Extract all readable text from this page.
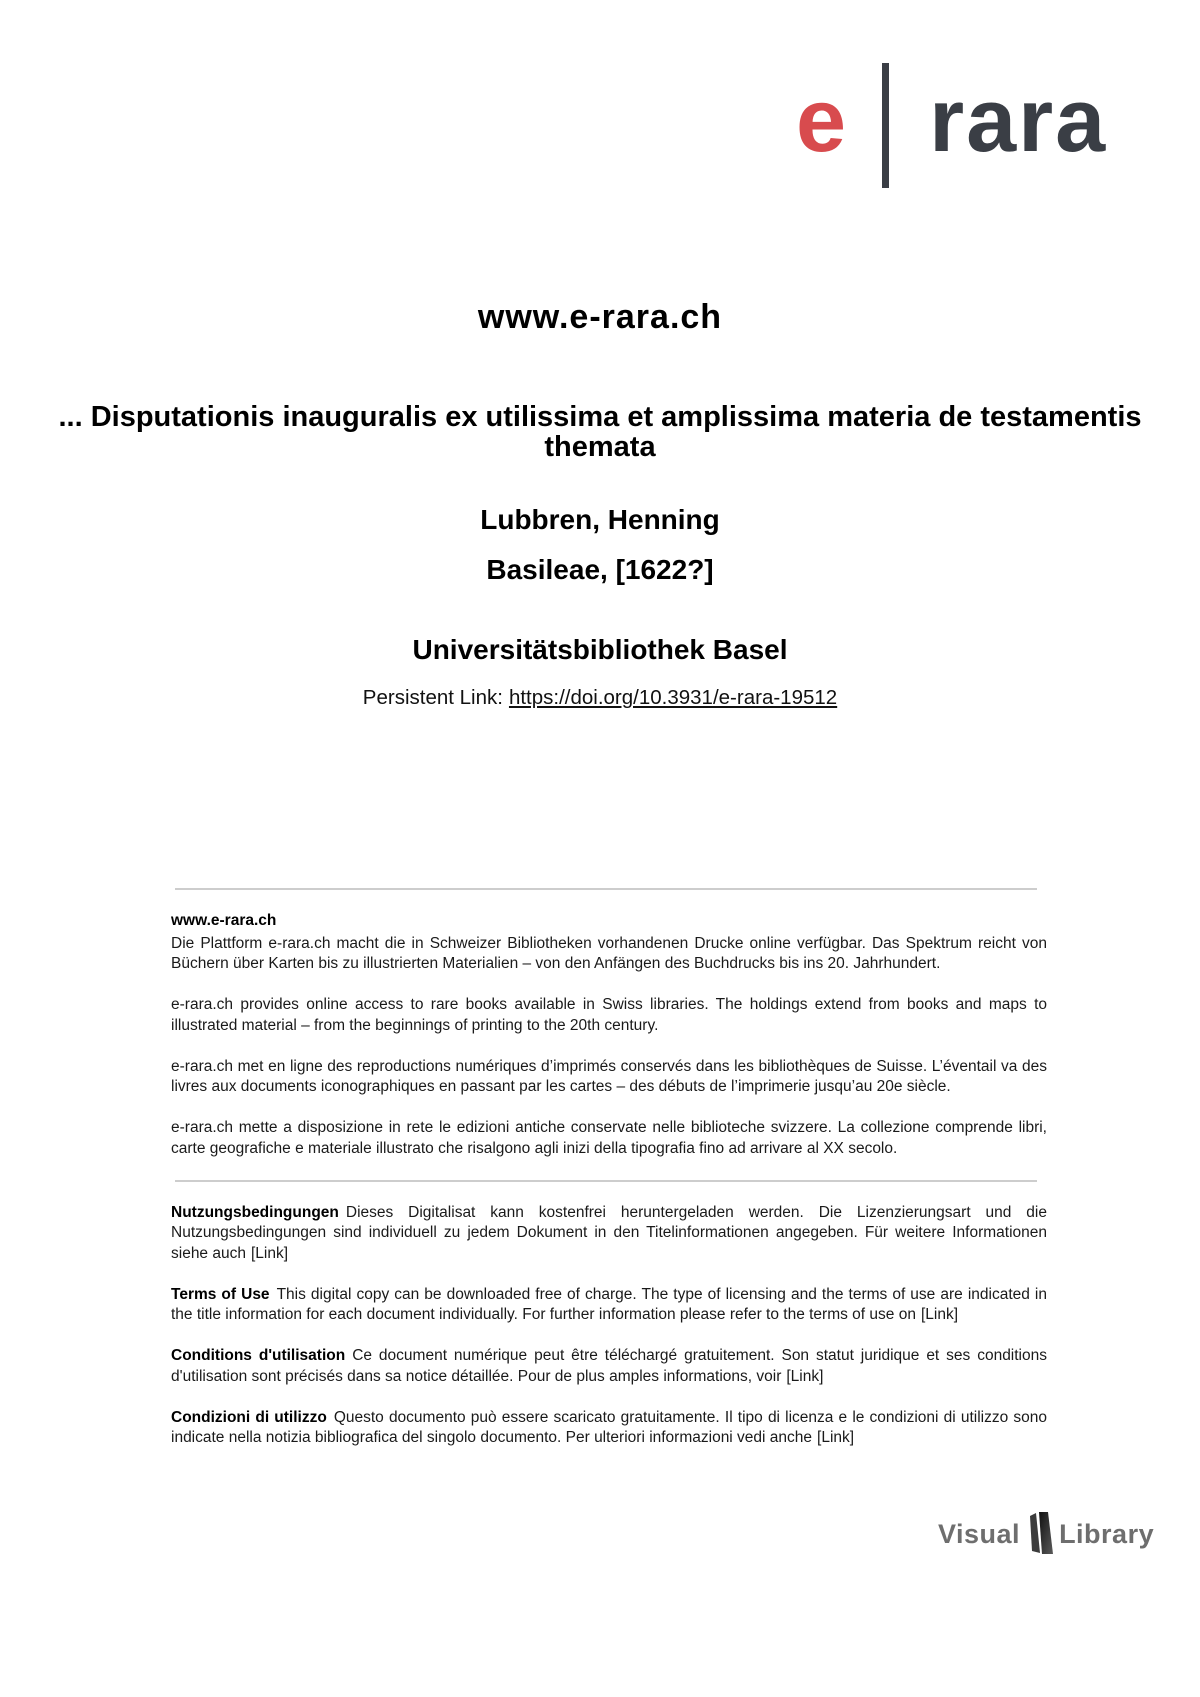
e rara
www.e-rara.ch
... Disputationis inauguralis ex utilissima et amplissima materia de testamentis themata
Lubbren, Henning
Basileae, [1622?]
Universitätsbibliothek Basel
Persistent Link: https://doi.org/10.3931/e-rara-19512
www.e-rara.ch

Die Plattform e-rara.ch macht die in Schweizer Bibliotheken vorhandenen Drucke online verfügbar. Das Spektrum reicht von Büchern über Karten bis zu illustrierten Materialien – von den Anfängen des Buchdrucks bis ins 20. Jahrhundert.

e-rara.ch provides online access to rare books available in Swiss libraries. The holdings extend from books and maps to illustrated material – from the beginnings of printing to the 20th century.

e-rara.ch met en ligne des reproductions numériques d’imprimés conservés dans les bibliothèques de Suisse. L’éventail va des livres aux documents iconographiques en passant par les cartes – des débuts de l’imprimerie jusqu’au 20e siècle.

e-rara.ch mette a disposizione in rete le edizioni antiche conservate nelle biblioteche svizzere. La collezione comprende libri, carte geografiche e materiale illustrato che risalgono agli inizi della tipografia fino ad arrivare al XX secolo.

Nutzungsbedingungen Dieses Digitalisat kann kostenfrei heruntergeladen werden. Die Lizenzierungsart und die Nutzungsbedingungen sind individuell zu jedem Dokument in den Titelinformationen angegeben. Für weitere Informationen siehe auch [Link]

Terms of Use This digital copy can be downloaded free of charge. The type of licensing and the terms of use are indicated in the title information for each document individually. For further information please refer to the terms of use on [Link]

Conditions d'utilisation Ce document numérique peut être téléchargé gratuitement. Son statut juridique et ses conditions d'utilisation sont précisés dans sa notice détaillée. Pour de plus amples informations, voir [Link]

Condizioni di utilizzo Questo documento può essere scaricato gratuitamente. Il tipo di licenza e le condizioni di utilizzo sono indicate nella notizia bibliografica del singolo documento. Per ulteriori informazioni vedi anche [Link]

Visual Library
